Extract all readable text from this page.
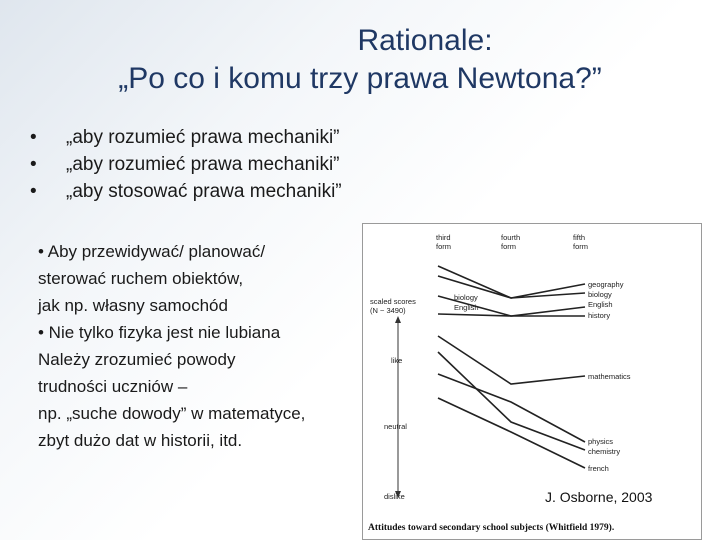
Rationale:
„Po co i komu trzy prawa Newtona?”
• „aby rozumieć prawa mechaniki”
• „aby rozumieć prawa mechaniki”
• „aby stosować prawa mechaniki”
• Aby przewidywać/ planować/
sterować ruchem obiektów,
jak np. własny samochód
• Nie tylko fizyka jest nie lubiana
Należy zrozumieć powody
trudności uczniów –
np. „suche dowody” w matematyce,
zbyt dużo dat w historii, itd.
third
form
fourth
form
fifth
form
scaled scores
(N ~ 3490)
like
neutral
dislike
biology
English
geography
biology
English
history
mathematics
physics
chemistry
french
Attitudes toward secondary school subjects (Whitfield 1979).
J. Osborne, 2003
